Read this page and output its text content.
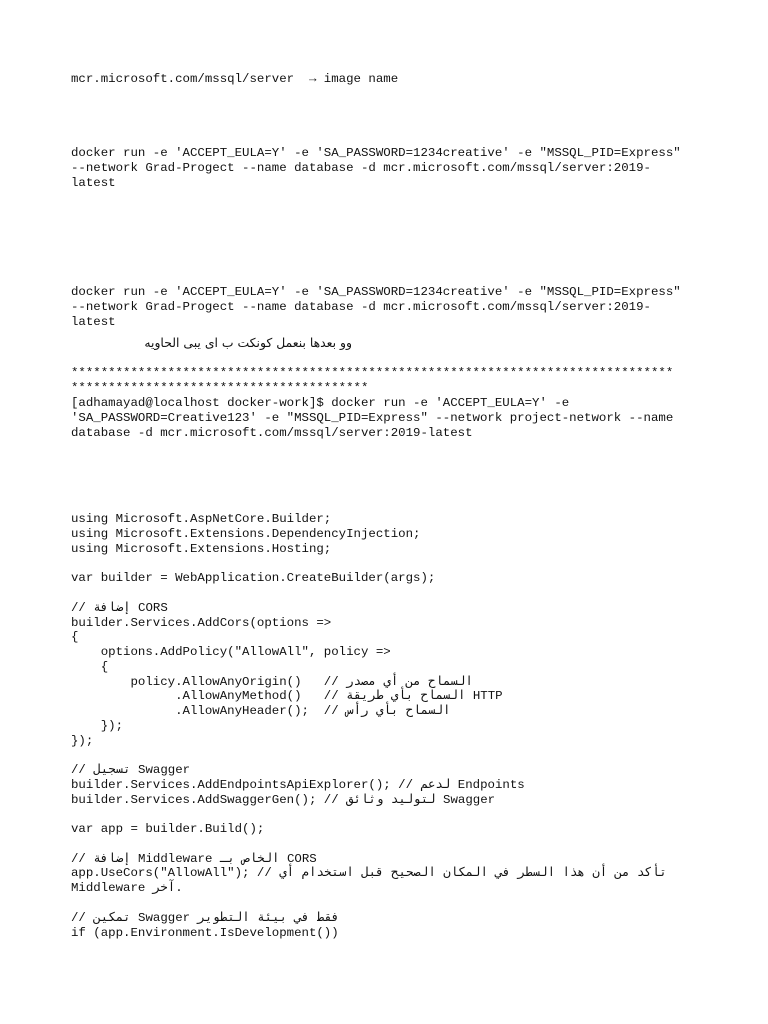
mcr.microsoft.com/mssql/server  → image name
docker run -e 'ACCEPT_EULA=Y' -e 'SA_PASSWORD=1234creative' -e "MSSQL_PID=Express"
--network Grad-Progect --name database -d mcr.microsoft.com/mssql/server:2019-
latest
docker run -e 'ACCEPT_EULA=Y' -e 'SA_PASSWORD=1234creative' -e "MSSQL_PID=Express"
--network Grad-Progect --name database -d mcr.microsoft.com/mssql/server:2019-
latest
وو بعدها بنعمل كونكت ب اى يبى الحاويه
*********************************************************************************
****************************************
[adhamayad@localhost docker-work]$ docker run -e 'ACCEPT_EULA=Y' -e
'SA_PASSWORD=Creative123' -e "MSSQL_PID=Express" --network project-network --name
database -d mcr.microsoft.com/mssql/server:2019-latest
using Microsoft.AspNetCore.Builder;
using Microsoft.Extensions.DependencyInjection;
using Microsoft.Extensions.Hosting;
var builder = WebApplication.CreateBuilder(args);
// إضافة CORS
builder.Services.AddCors(options =>
{
options.AddPolicy("AllowAll", policy =>
{
policy.AllowAnyOrigin()   // السماح من أي مصدر
.AllowAnyMethod()   // السماح بأي طريقة HTTP
.AllowAnyHeader();  // السماح بأي رأس
});
});
// تسجيل Swagger
builder.Services.AddEndpointsApiExplorer(); // لدعم Endpoints
builder.Services.AddSwaggerGen(); // لتوليد وثائق Swagger
var app = builder.Build();
// إضافة Middleware الخاص بـ CORS
app.UseCors("AllowAll"); // تأكد من أن هذا السطر في المكان الصحيح قبل استخدام أي
Middleware آخر.
// تمكين Swagger فقط في بيئة التطوير
if (app.Environment.IsDevelopment())
